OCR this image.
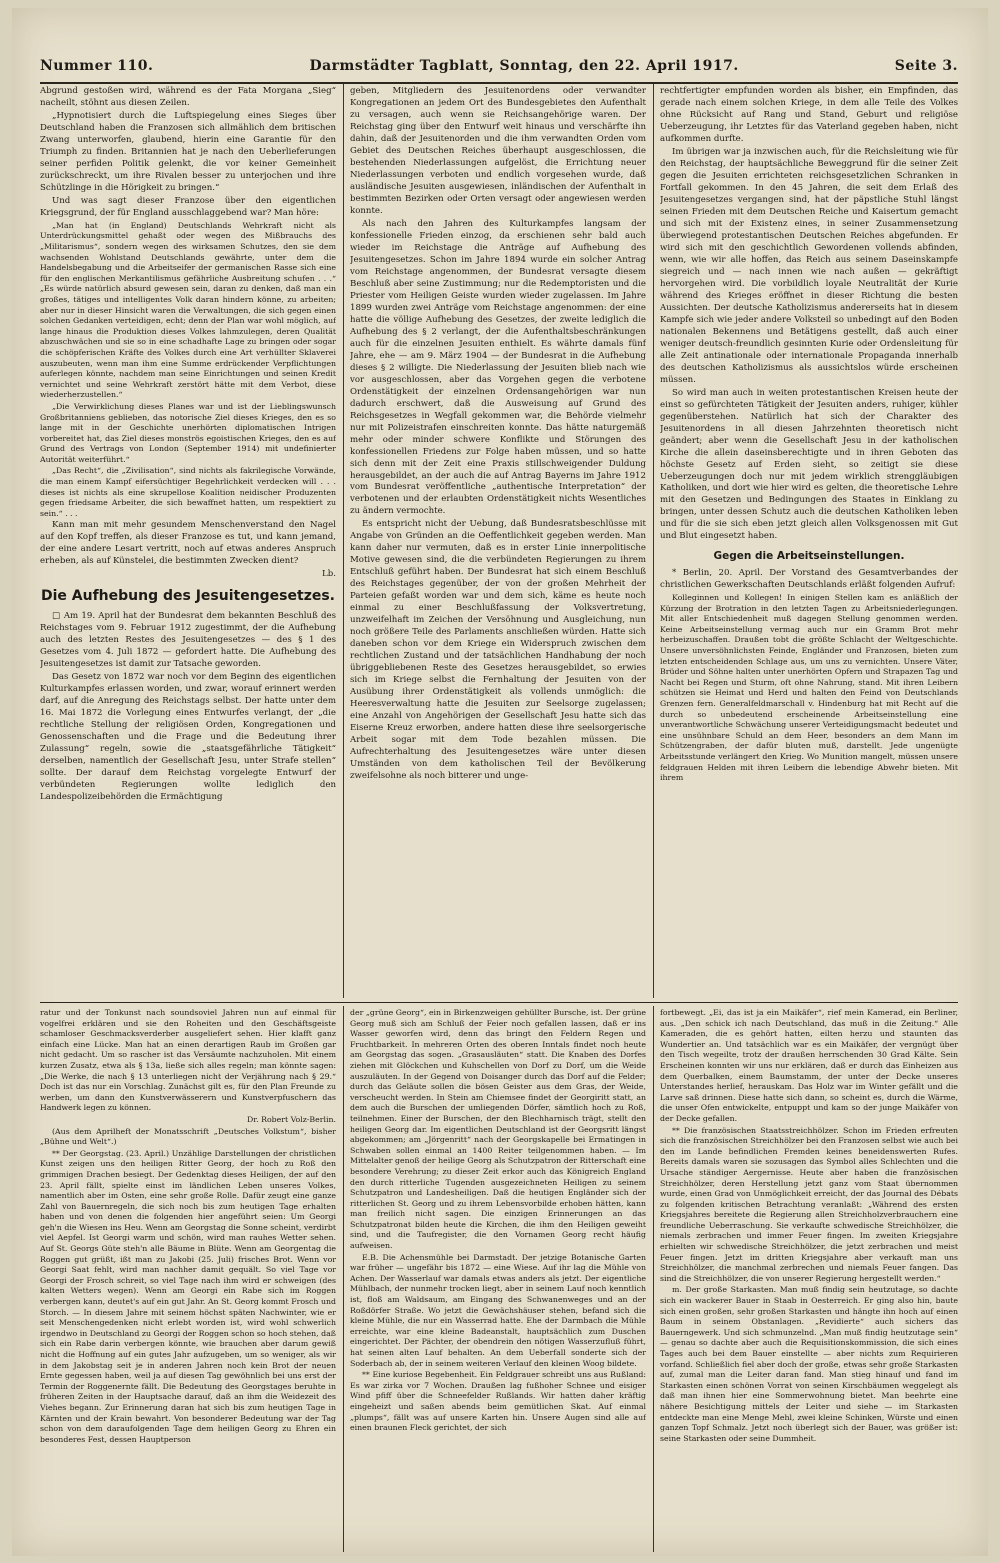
Nummer 110.	Darmstädter Tagblatt, Sonntag, den 22. April 1917.	Seite 3.

Abgrund gestoßen wird, während es der Fata Morgana „Sieg“ nacheilt, stöhnt aus diesen Zeilen.

„Hypnotisiert durch die Luftspiegelung eines Sieges über Deutschland haben die Franzosen sich allmählich dem britischen Zwang unterworfen, glaubend, hierin eine Garantie für den Triumph zu finden. Britannien hat je nach den Ueberlieferungen seiner perfiden Politik gelenkt, die vor keiner Gemeinheit zurückschreckt, um ihre Rivalen besser zu unterjochen und ihre Schützlinge in die Hörigkeit zu bringen.“

Und was sagt dieser Franzose über den eigentlichen Kriegsgrund, der für England ausschlaggebend war? Man höre:

„Man hat (in England) Deutschlands Wehrkraft nicht als Unterdrückungsmittel gehaßt oder wegen des Mißbrauchs des „Militarismus“, sondern wegen des wirksamen Schutzes, den sie dem wachsenden Wohlstand Deutschlands gewährte, unter dem die Handelsbegabung und die Arbeitseifer der germanischen Rasse sich eine für den englischen Merkantilismus gefährliche Ausbreitung schufen . . .“ „Es würde natürlich absurd gewesen sein, daran zu denken, daß man ein großes, tätiges und intelligentes Volk daran hindern könne, zu arbeiten; aber nur in dieser Hinsicht waren die Verwaltungen, die sich gegen einen solchen Gedanken verteidigen, echt; denn der Plan war wohl möglich, auf lange hinaus die Produktion dieses Volkes lahmzulegen, deren Qualität abzuschwächen und sie so in eine schadhafte Lage zu bringen oder sogar die schöpferischen Kräfte des Volkes durch eine Art verhüllter Sklaverei auszubeuten, wenn man ihm eine Summe erdrückender Verpflichtungen auferlegen könnte, nachdem man seine Einrichtungen und seinen Kredit vernichtet und seine Wehrkraft zerstört hätte mit dem Verbot, diese wiederherzustellen.“

„Die Verwirklichung dieses Planes war und ist der Lieblingswunsch Großbritanniens geblieben, das notorische Ziel dieses Krieges, den es so lange mit in der Geschichte unerhörten diplomatischen Intrigen vorbereitet hat, das Ziel dieses monströs egoistischen Krieges, den es auf Grund des Vertrags von London (September 1914) mit undefinierter Autorität weiterführt.“

„Das Recht“, die „Zivilisation“, sind nichts als fakrilegische Vorwände, die man einem Kampf eifersüchtiger Begehrlichkeit verdecken will . . . dieses ist nichts als eine skrupellose Koalition neidischer Produzenten gegen friedsame Arbeiter, die sich bewaffnet hatten, um respektiert zu sein.“ . . .

Kann man mit mehr gesundem Menschenverstand den Nagel auf den Kopf treffen, als dieser Franzose es tut, und kann jemand, der eine andere Lesart vertritt, noch auf etwas anderes Anspruch erheben, als auf Künstelei, die bestimmten Zwecken dient?

Lb.

Die Aufhebung des Jesuitengesetzes.

□ Am 19. April hat der Bundesrat dem bekannten Beschluß des Reichstages vom 9. Februar 1912 zugestimmt, der die Aufhebung auch des letzten Restes des Jesuitengesetzes — des § 1 des Gesetzes vom 4. Juli 1872 — gefordert hatte. Die Aufhebung des Jesuitengesetzes ist damit zur Tatsache geworden.

Das Gesetz von 1872 war noch vor dem Beginn des eigentlichen Kulturkampfes erlassen worden, und zwar, worauf erinnert werden darf, auf die Anregung des Reichstags selbst. Der hatte unter dem 16. Mai 1872 die Vorlegung eines Entwurfes verlangt, der „die rechtliche Stellung der religiösen Orden, Kongregationen und Genossenschaften und die Frage und die Bedeutung ihrer Zulassung“ regeln, sowie die „staatsgefährliche Tätigkeit“ derselben, namentlich der Gesellschaft Jesu, unter Strafe stellen“ sollte. Der darauf dem Reichstag vorgelegte Entwurf der verbündeten Regierungen wollte lediglich den Landespolizeibehörden die Ermächtigung

geben, Mitgliedern des Jesuitenordens oder verwandter Kongregationen an jedem Ort des Bundesgebietes den Aufenthalt zu versagen, auch wenn sie Reichsangehörige waren. Der Reichstag ging über den Entwurf weit hinaus und verschärfte ihn dahin, daß der Jesuitenorden und die ihm verwandten Orden vom Gebiet des Deutschen Reiches überhaupt ausgeschlossen, die bestehenden Niederlassungen aufgelöst, die Errichtung neuer Niederlassungen verboten und endlich vorgesehen wurde, daß ausländische Jesuiten ausgewiesen, inländischen der Aufenthalt in bestimmten Bezirken oder Orten versagt oder angewiesen werden konnte.

Als nach den Jahren des Kulturkampfes langsam der konfessionelle Frieden einzog, da erschienen sehr bald auch wieder im Reichstage die Anträge auf Aufhebung des Jesuitengesetzes. Schon im Jahre 1894 wurde ein solcher Antrag vom Reichstage angenommen, der Bundesrat versagte diesem Beschluß aber seine Zustimmung; nur die Redemptoristen und die Priester vom Heiligen Geiste wurden wieder zugelassen. Im Jahre 1899 wurden zwei Anträge vom Reichstage angenommen: der eine hatte die völlige Aufhebung des Gesetzes, der zweite lediglich die Aufhebung des § 2 verlangt, der die Aufenthaltsbeschränkungen auch für die einzelnen Jesuiten enthielt. Es währte damals fünf Jahre, ehe — am 9. März 1904 — der Bundesrat in die Aufhebung dieses § 2 willigte. Die Niederlassung der Jesuiten blieb nach wie vor ausgeschlossen, aber das Vorgehen gegen die verbotene Ordenstätigkeit der einzelnen Ordensangehörigen war nun dadurch erschwert, daß die Ausweisung auf Grund des Reichsgesetzes in Wegfall gekommen war, die Behörde vielmehr nur mit Polizeistrafen einschreiten konnte. Das hätte naturgemäß mehr oder minder schwere Konflikte und Störungen des konfessionellen Friedens zur Folge haben müssen, und so hatte sich denn mit der Zeit eine Praxis stillschweigender Duldung herausgebildet, an der auch die auf Antrag Bayerns im Jahre 1912 vom Bundesrat veröffentliche „authentische Interpretation“ der verbotenen und der erlaubten Ordenstätigkeit nichts Wesentliches zu ändern vermochte.

Es entspricht nicht der Uebung, daß Bundesratsbeschlüsse mit Angabe von Gründen an die Oeffentlichkeit gegeben werden. Man kann daher nur vermuten, daß es in erster Linie innerpolitische Motive gewesen sind, die die verbündeten Regierungen zu ihrem Entschluß geführt haben. Der Bundesrat hat sich einem Beschluß des Reichstages gegenüber, der von der großen Mehrheit der Parteien gefaßt worden war und dem sich, käme es heute noch einmal zu einer Beschlußfassung der Volksvertretung, unzweifelhaft im Zeichen der Versöhnung und Ausgleichung, nun noch größere Teile des Parlaments anschließen würden. Hatte sich daneben schon vor dem Kriege ein Widerspruch zwischen dem rechtlichen Zustand und der tatsächlichen Handhabung der noch übriggebliebenen Reste des Gesetzes herausgebildet, so erwies sich im Kriege selbst die Fernhaltung der Jesuiten von der Ausübung ihrer Ordenstätigkeit als vollends unmöglich: die Heeresverwaltung hatte die Jesuiten zur Seelsorge zugelassen; eine Anzahl von Angehörigen der Gesellschaft Jesu hatte sich das Eiserne Kreuz erworben, andere hatten diese ihre seelsorgerische Arbeit sogar mit dem Tode bezahlen müssen. Die Aufrechterhaltung des Jesuitengesetzes wäre unter diesen Umständen von dem katholischen Teil der Bevölkerung zweifelsohne als noch bitterer und unge-

rechtfertigter empfunden worden als bisher, ein Empfinden, das gerade nach einem solchen Kriege, in dem alle Teile des Volkes ohne Rücksicht auf Rang und Stand, Geburt und religiöse Ueberzeugung, ihr Letztes für das Vaterland gegeben haben, nicht aufkommen durfte.

Im übrigen war ja inzwischen auch, für die Reichsleitung wie für den Reichstag, der hauptsächliche Beweggrund für die seiner Zeit gegen die Jesuiten errichteten reichsgesetzlichen Schranken in Fortfall gekommen. In den 45 Jahren, die seit dem Erlaß des Jesuitengesetzes vergangen sind, hat der päpstliche Stuhl längst seinen Frieden mit dem Deutschen Reiche und Kaisertum gemacht und sich mit der Existenz eines, in seiner Zusammensetzung überwiegend protestantischen Deutschen Reiches abgefunden. Er wird sich mit den geschichtlich Gewordenen vollends abfinden, wenn, wie wir alle hoffen, das Reich aus seinem Daseinskampfe siegreich und — nach innen wie nach außen — gekräftigt hervorgehen wird. Die vorbildlich loyale Neutralität der Kurie während des Krieges eröffnet in dieser Richtung die besten Aussichten. Der deutsche Katholizismus andererseits hat in diesem Kampfe sich wie jeder andere Volksteil so unbedingt auf den Boden nationalen Bekennens und Betätigens gestellt, daß auch einer weniger deutsch-freundlich gesinnten Kurie oder Ordensleitung für alle Zeit antinationale oder internationale Propaganda innerhalb des deutschen Katholizismus als aussichtslos würde erscheinen müssen.

So wird man auch in weiten protestantischen Kreisen heute der einst so gefürchteten Tätigkeit der Jesuiten anders, ruhiger, kühler gegenüberstehen. Natürlich hat sich der Charakter des Jesuitenordens in all diesen Jahrzehnten theoretisch nicht geändert; aber wenn die Gesellschaft Jesu in der katholischen Kirche die allein daseinsberechtigte und in ihren Geboten das höchste Gesetz auf Erden sieht, so zeitigt sie diese Ueberzeugungen doch nur mit jedem wirklich strenggläubigen Katholiken, und dort wie hier wird es gelten, die theoretische Lehre mit den Gesetzen und Bedingungen des Staates in Einklang zu bringen, unter dessen Schutz auch die deutschen Katholiken leben und für die sie sich eben jetzt gleich allen Volksgenossen mit Gut und Blut eingesetzt haben.

Gegen die Arbeitseinstellungen.

* Berlin, 20. April. Der Vorstand des Gesamtverbandes der christlichen Gewerkschaften Deutschlands erläßt folgenden Aufruf:

Kolleginnen und Kollegen! In einigen Stellen kam es anläßlich der Kürzung der Brotration in den letzten Tagen zu Arbeitsniederlegungen. Mit aller Entschiedenheit muß dagegen Stellung genommen werden. Keine Arbeitseinstellung vermag auch nur ein Gramm Brot mehr herbeizuschaffen. Draußen tobt die größte Schlacht der Weltgeschichte. Unsere unversöhnlichsten Feinde, Engländer und Franzosen, bieten zum letzten entscheidenden Schlage aus, um uns zu vernichten. Unsere Väter, Brüder und Söhne halten unter unerhörten Opfern und Strapazen Tag und Nacht bei Regen und Sturm, oft ohne Nahrung, stand. Mit ihren Leibern schützen sie Heimat und Herd und halten den Feind von Deutschlands Grenzen fern. Generalfeldmarschall v. Hindenburg hat mit Recht auf die durch so unbedeutend erscheinende Arbeitseinstellung eine unverantwortliche Schwächung unserer Verteidigungsmacht bedeutet und eine unsühnbare Schuld an dem Heer, besonders an dem Mann im Schützengraben, der dafür bluten muß, darstellt. Jede ungenügte Arbeitsstunde verlängert den Krieg. Wo Munition mangelt, müssen unsere feldgrauen Helden mit ihren Leibern die lebendige Abwehr bieten. Mit ihrem

ratur und der Tonkunst nach soundsoviel Jahren nun auf einmal für vogelfrei erklären und sie den Roheiten und den Geschäftsgeiste schamloser Geschmacksverderber ausgeliefert sehen. Hier klafft ganz einfach eine Lücke. Man hat an einen derartigen Raub im Großen gar nicht gedacht. Um so rascher ist das Versäumte nachzuholen. Mit einem kurzen Zusatz, etwa als § 13a, ließe sich alles regeln; man könnte sagen: „Die Werke, die nach § 13 unterliegen nicht der Verjährung nach § 29.“ Doch ist das nur ein Vorschlag. Zunächst gilt es, für den Plan Freunde zu werben, um dann den Kunstverwässerern und Kunstverpfuschern das Handwerk legen zu können.

Dr. Robert Volz-Berlin.

(Aus dem Aprilheft der Monatsschrift „Deutsches Volkstum“, bisher „Bühne und Welt“.)

** Der Georgstag. (23. April.) Unzählige Darstellungen der christlichen Kunst zeigen uns den heiligen Ritter Georg, der hoch zu Roß den grimmigen Drachen besiegt. Der Gedenktag dieses Heiligen, der auf den 23. April fällt, spielte einst im ländlichen Leben unseres Volkes, namentlich aber im Osten, eine sehr große Rolle. Dafür zeugt eine ganze Zahl von Bauernregeln, die sich noch bis zum heutigen Tage erhalten haben und von denen die folgenden hier angeführt seien: Um Georgi geh'n die Wiesen ins Heu. Wenn am Georgstag die Sonne scheint, verdirbt viel Aepfel. Ist Georgi warm und schön, wird man rauhes Wetter sehen. Auf St. Georgs Güte steh'n alle Bäume in Blüte. Wenn am Georgentag die Roggen gut grüßt, ißt man zu Jakobi (25. Juli) frisches Brot. Wenn vor Georgi Saat fehlt, wird man nachher damit gequält. So viel Tage vor Georgi der Frosch schreit, so viel Tage nach ihm wird er schweigen (des kalten Wetters wegen). Wenn am Georgi ein Rabe sich im Roggen verbergen kann, deutet's auf ein gut Jahr. An St. Georg kommt Frosch und Storch. — In diesem Jahre mit seinem höchst späten Nachwinter, wie er seit Menschengedenken nicht erlebt worden ist, wird wohl schwerlich irgendwo in Deutschland zu Georgi der Roggen schon so hoch stehen, daß sich ein Rabe darin verbergen könnte, wie brauchen aber darum gewiß nicht die Hoffnung auf ein gutes Jahr aufzugeben, um so weniger, als wir in dem Jakobstag seit je in anderen Jahren noch kein Brot der neuen Ernte gegessen haben, weil ja auf diesen Tag gewöhnlich bei uns erst der Termin der Roggenernte fällt. Die Bedeutung des Georgstages beruhte in früheren Zeiten in der Hauptsache darauf, daß an ihm die Weidezeit des Viehes begann. Zur Erinnerung daran hat sich bis zum heutigen Tage in Kärnten und der Krain bewahrt. Von besonderer Bedeutung war der Tag schon von dem daraufolgenden Tage dem heiligen Georg zu Ehren ein besonderes Fest, dessen Hauptperson

der „grüne Georg“, ein in Birkenzweigen gehüllter Bursche, ist. Der grüne Georg muß sich am Schluß der Feier noch gefallen lassen, daß er ins Wasser geworfen wird, denn das bringt den Feldern Regen und Fruchtbarkeit. In mehreren Orten des oberen Inntals findet noch heute am Georgstag das sogen. „Grasausläuten“ statt. Die Knaben des Dorfes ziehen mit Glöckchen und Kuhschellen von Dorf zu Dorf, um die Weide auszuläuten. In der Gegend von Doisanger durch das Dorf auf die Felder; durch das Geläute sollen die bösen Geister aus dem Gras, der Weide, verscheucht werden. In Stein am Chiemsee findet der Georgiritt statt, an dem auch die Burschen der umliegenden Dörfer, sämtlich hoch zu Roß, teilnehmen. Einer der Burschen, der den Blechharnisch trägt, stellt den heiligen Georg dar. Im eigentlichen Deutschland ist der Georgsritt längst abgekommen; am „Jörgenritt“ nach der Georgskapelle bei Ermatingen in Schwaben sollen einmal an 1400 Reiter teilgenommen haben. — Im Mittelalter genoß der heilige Georg als Schutzpatron der Ritterschaft eine besondere Verehrung; zu dieser Zeit erkor auch das Königreich England den durch ritterliche Tugenden ausgezeichneten Heiligen zu seinem Schutzpatron und Landesheiligen. Daß die heutigen Engländer sich der ritterlichen St. Georg und zu ihrem Lebensvorbilde erhoben hätten, kann man freilich nicht sagen. Die einzigen Erinnerungen an das Schutzpatronat bilden heute die Kirchen, die ihm den Heiligen geweiht sind, und die Taufregister, die den Vornamen Georg recht häufig aufweisen.

E.B. Die Achensmühle bei Darmstadt. Der jetzige Botanische Garten war früher — ungefähr bis 1872 — eine Wiese. Auf ihr lag die Mühle von Achen. Der Wasserlauf war damals etwas anders als jetzt. Der eigentliche Mühlbach, der nunmehr trocken liegt, aber in seinem Lauf noch kenntlich ist, floß am Waldsaum, am Eingang des Schwanenweges und an der Roßdörfer Straße. Wo jetzt die Gewächshäuser stehen, befand sich die kleine Mühle, die nur ein Wasserrad hatte. Ehe der Darmbach die Mühle erreichte, war eine kleine Badeanstalt, hauptsächlich zum Duschen eingerichtet. Der Pächter, der obendrein den nötigen Wasserzufluß führt, hat seinen alten Lauf behalten. An dem Ueberfall sonderte sich der Soderbach ab, der in seinem weiteren Verlauf den kleinen Woog bildete.

** Eine kuriose Begebenheit. Ein Feldgrauer schreibt uns aus Rußland: Es war zirka vor 7 Wochen. Draußen lag fußhoher Schnee und eisiger Wind pfiff über die Schneefelder Rußlands. Wir hatten daher kräftig eingeheizt und saßen abends beim gemütlichen Skat. Auf einmal „plumps“, fällt was auf unsere Karten hin. Unsere Augen sind alle auf einen braunen Fleck gerichtet, der sich

fortbewegt. „Ei, das ist ja ein Maikäfer“, rief mein Kamerad, ein Berliner, aus. „Den schick ich nach Deutschland, das muß in die Zeitung.“ Alle Kameraden, die es gehört hatten, eilten herzu und staunten das Wundertier an. Und tatsächlich war es ein Maikäfer, der vergnügt über den Tisch wegeilte, trotz der draußen herrschenden 30 Grad Kälte. Sein Erscheinen konnten wir uns nur erklären, daß er durch das Einheizen aus dem Querbalken, einem Baumstamm, der unter der Decke unseres Unterstandes herlief, herauskam. Das Holz war im Winter gefällt und die Larve saß drinnen. Diese hatte sich dann, so scheint es, durch die Wärme, die unser Ofen entwickelte, entpuppt und kam so der junge Maikäfer von der Decke gefallen.

** Die französischen Staatsstreichhölzer. Schon im Frieden erfreuten sich die französischen Streichhölzer bei den Franzosen selbst wie auch bei den im Lande befindlichen Fremden keines beneidenswerten Rufes. Bereits damals waren sie sozusagen das Symbol alles Schlechten und die Ursache ständiger Aergernisse. Heute aber haben die französischen Streichhölzer, deren Herstellung jetzt ganz vom Staat übernommen wurde, einen Grad von Unmöglichkeit erreicht, der das Journal des Débats zu folgenden kritischen Betrachtung veranlaßt: „Während des ersten Kriegsjahres bereitete die Regierung allen Streichholzverbrauchern eine freundliche Ueberraschung. Sie verkaufte schwedische Streichhölzer, die niemals zerbrachen und immer Feuer fingen. Im zweiten Kriegsjahre erhielten wir schwedische Streichhölzer, die jetzt zerbrachen und meist Feuer fingen. Jetzt im dritten Kriegsjahre aber verkauft man uns Streichhölzer, die manchmal zerbrechen und niemals Feuer fangen. Das sind die Streichhölzer, die von unserer Regierung hergestellt werden.“

m. Der große Starkasten. Man muß findig sein heutzutage, so dachte sich ein wackerer Bauer in Staab in Oesterreich. Er ging also hin, baute sich einen großen, sehr großen Starkasten und hängte ihn hoch auf einen Baum in seinem Obstanlagen. „Revidierte“ auch sichers das Bauerngewerk. Und sich schmunzelnd. „Man muß findig heutzutage sein“ — genau so dachte aber auch die Requisitionskommission, die sich eines Tages auch bei dem Bauer einstellte — aber nichts zum Requirieren vorfand. Schließlich fiel aber doch der große, etwas sehr große Starkasten auf, zumal man die Leiter daran fand. Man stieg hinauf und fand im Starkasten einen schönen Vorrat von seinen Kirschbäumen weggelegt als daß man ihnen hier eine Sommerwohnung bietet. Man beehrte eine nähere Besichtigung mittels der Leiter und siehe — im Starkasten entdeckte man eine Menge Mehl, zwei kleine Schinken, Würste und einen ganzen Topf Schmalz. Jetzt noch überlegt sich der Bauer, was größer ist: seine Starkasten oder seine Dummheit.
